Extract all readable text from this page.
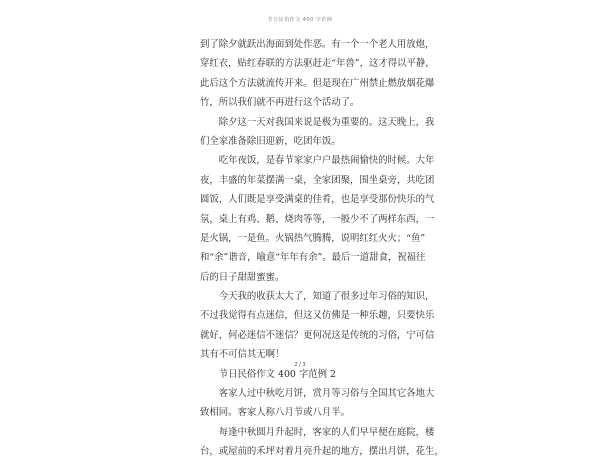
节日民俗作文 400 字范例
到了除夕就跃出海面到处作恶。有一个一个老人用放炮，
穿红衣，贴红春联的方法驱赶走“年兽”，这才得以平静，
此后这个方法就流传开来。但是现在广州禁止燃放烟花爆
竹，所以我们就不再进行这个活动了。
　　除夕这一天对我国来说是极为重要的。这天晚上，我
们全家准备除旧迎新，吃团年饭。
　　吃年夜饭，是春节家家户户最热闹愉快的时候。大年
夜，丰盛的年菜摆满一桌，全家团聚，围坐桌旁，共吃团
圆饭，人们既是享受满桌的佳肴，也是享受那份快乐的气
氛，桌上有鸡、鹅、烧肉等等，一般少不了两样东西，一
是火锅，一是鱼。火锅热气腾腾，说明红红火火；“鱼”
和“余”谐音，喻意“年年有余”。最后一道甜食，祝福往
后的日子甜甜蜜蜜。
　　今天我的收获太大了，知道了很多过年习俗的知识，
不过我觉得有点迷信，但这又仿佛是一种乐趣，只要快乐
就好，何必迷信不迷信？更何况这是传统的习俗，宁可信
其有不可信其无啊！
　　节日民俗作文 400 字范例 2
　　客家人过中秋吃月饼，赏月等习俗与全国其它各地大
致相同。客家人称八月节或八月半。
　　每逢中秋圆月升起时，客家的人们早早便在庭院，楼
台，或屋前的禾坪对着月亮升起的地方，摆出月饼，花生，
2 / 3
